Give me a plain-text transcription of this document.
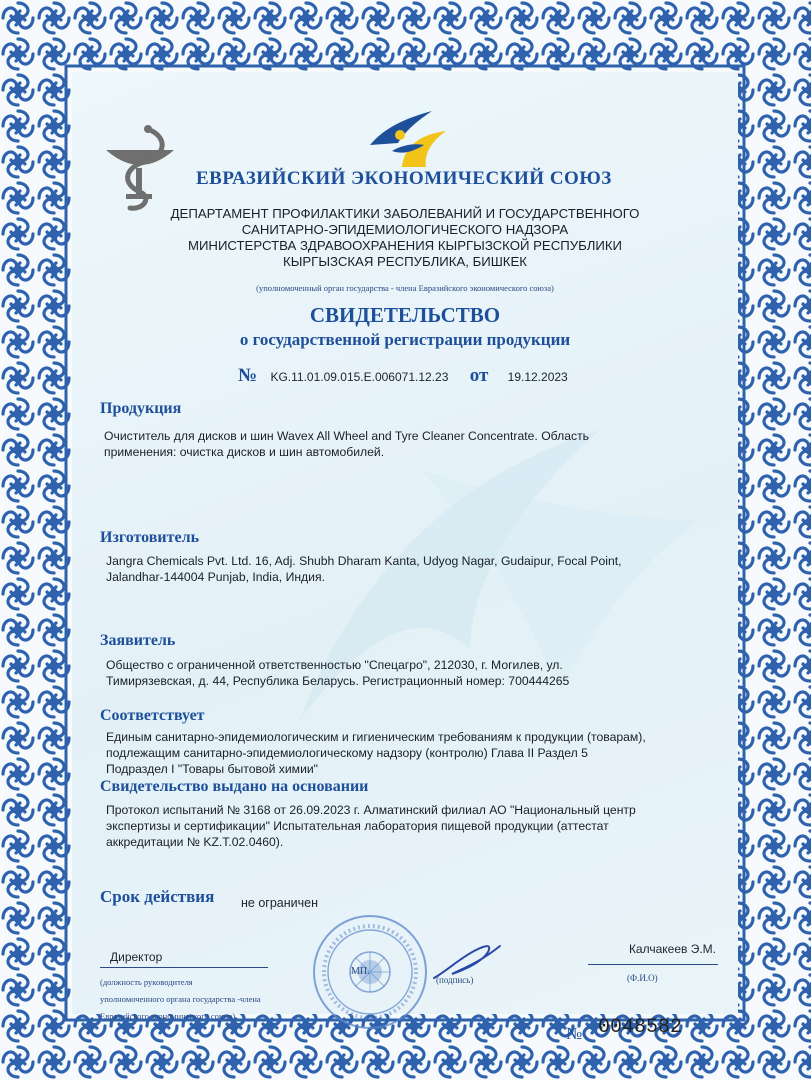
ЕВРАЗИЙСКИЙ ЭКОНОМИЧЕСКИЙ СОЮЗ
ДЕПАРТАМЕНТ ПРОФИЛАКТИКИ ЗАБОЛЕВАНИЙ И ГОСУДАРСТВЕННОГО
САНИТАРНО-ЭПИДЕМИОЛОГИЧЕСКОГО НАДЗОРА
МИНИСТЕРСТВА ЗДРАВООХРАНЕНИЯ КЫРГЫЗСКОЙ РЕСПУБЛИКИ
КЫРГЫЗСКАЯ РЕСПУБЛИКА, БИШКЕК
(уполномоченный орган государства - члена Евразийского экономического союза)
СВИДЕТЕЛЬСТВО
о государственной регистрации продукции
№ KG.11.01.09.015.E.006071.12.23 от 19.12.2023
Продукция
Очиститель для дисков и шин Wavex All Wheel and Tyre Cleaner Concentrate. Область
применения: очистка дисков и шин автомобилей.
Изготовитель
Jangra Chemicals Pvt. Ltd. 16, Adj. Shubh Dharam Kanta, Udyog Nagar, Gudaipur, Focal Point,
Jalandhar-144004 Punjab, India, Индия.
Заявитель
Общество с ограниченной ответственностью "Спецагро", 212030, г. Могилев, ул.
Тимирязевская, д. 44, Республика Беларусь. Регистрационный номер: 700444265
Соответствует
Единым санитарно-эпидемиологическим и гигиеническим требованиям к продукции (товарам),
подлежащим санитарно-эпидемиологическому надзору (контролю) Глава II Раздел 5
Подраздел I "Товары бытовой химии"
Свидетельство выдано на основании
Протокол испытаний № 3168 от 26.09.2023 г. Алматинский филиал АО "Национальный центр
экспертизы и сертификации" Испытательная лаборатория пищевой продукции (аттестат
аккредитации № KZ.T.02.0460).
Срок действия не ограничен
Директор
(должность руководителя
уполномоченного органа государства -члена
Евразийского экономического союза)
МП.
(подпись)
Калчакеев Э.М.
(Ф.И.О)
№ 0048582
